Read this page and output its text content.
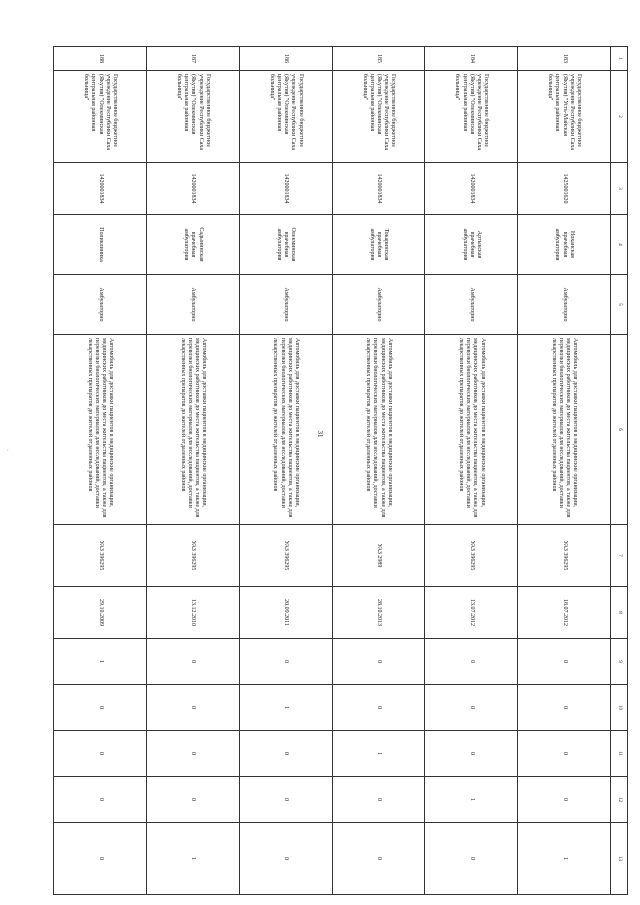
31
·
1	2	3	4	5	6	7	8	9	10	11	12	13
183	Государственное бюджетное учреждение Республики Саха (Якутия) "Усть-Майская центральная районная больница"	1425001620	Ноханская врачебная амбулатория	Амбулаторно	Автомобиль для доставки пациентов в медицинские организации, медицинских работников до места жительства пациентов, а также для перевозки биологических материалов для исследований, доставки лекарственных препаратов до жителей отдаленных районов	УАЗ 396295	18.07.2012	0	0	0	0	1
184	Государственное бюджетное учреждение Республики Саха (Якутия) "Олекминская центральная районная больница"	1420001834	Артыкская врачебная амбулатория	Амбулаторно	Автомобиль для доставки пациентов в медицинские организации, медицинских работников до места жительства пациентов, а также для перевозки биологических материалов для исследований, доставки лекарственных препаратов до жителей отдаленных районов	УАЗ 396295	13.07.2012	0	0	0	1	0
185	Государственное бюджетное учреждение Республики Саха (Якутия) "Олекминская центральная районная больница"	1420001834	Токаринская врачебная амбулатория	Амбулаторно	Автомобиль для доставки пациентов в медицинские организации, медицинских работников до места жительства пациентов, а также для перевозки биологических материалов для исследований, доставки лекарственных препаратов до жителей отдаленных районов	УАЗ 2989	28.10.2013	0	0	1	0	0
186	Государственное бюджетное учреждение Республики Саха (Якутия) "Олекминская центральная районная больница"	1420001834	Олекминская врачебная амбулатория	Амбулаторно	Автомобиль для доставки пациентов в медицинские организации, медицинских работников до места жительства пациентов, а также для перевозки биологических материалов для исследований, доставки лекарственных препаратов до жителей отдаленных районов	УАЗ 396295	20.09.2011	0	1	0	0	0
187	Государственное бюджетное учреждение Республики Саха (Якутия) "Олекминская центральная районная больница"	1420001834	Садынинская врачебная амбулатория	Амбулаторно	Автомобиль для доставки пациентов в медицинские организации, медицинских работников до места жительства пациентов, а также для перевозки биологических материалов для исследований, доставки лекарственных препаратов до жителей отдаленных районов	УАЗ 396295	13.12.2010	0	0	0	0	1
188	Государственное бюджетное учреждение Республики Саха (Якутия) "Олекминская центральная районная больница"	1420001834	Поликлиника	Амбулаторно	Автомобиль для доставки пациентов в медицинские организации, медицинских работников до места жительства пациентов, а также для перевозки биологических материалов для исследований, доставки лекарственных препаратов до жителей отдаленных районов	УАЗ 396295	29.10.2009	1	0	0	0	0
